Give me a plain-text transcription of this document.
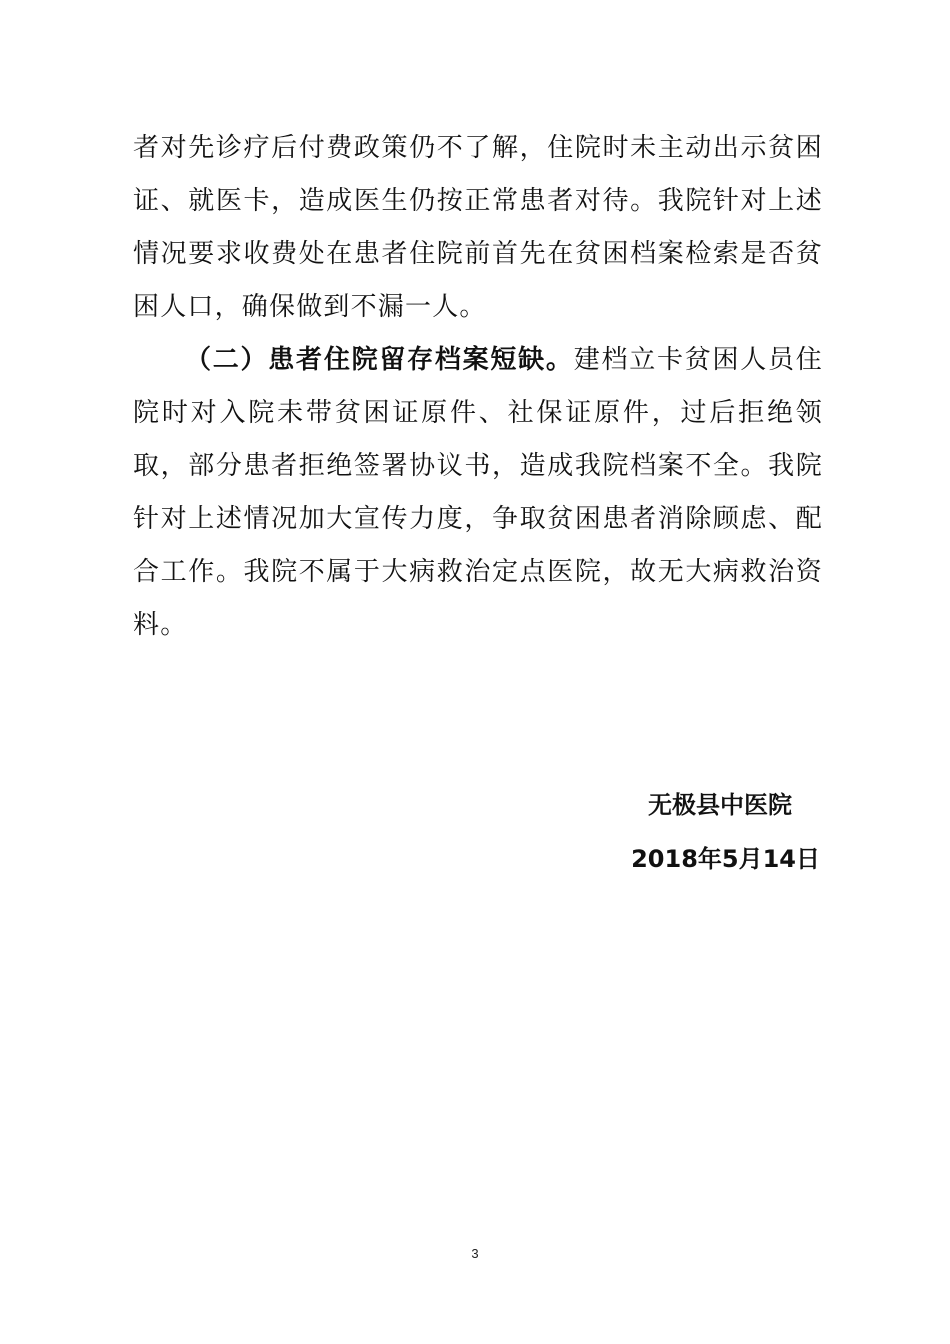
者对先诊疗后付费政策仍不了解，住院时未主动出示贫困证、就医卡，造成医生仍按正常患者对待。我院针对上述情况要求收费处在患者住院前首先在贫困档案检索是否贫困人口，确保做到不漏一人。

（二）患者住院留存档案短缺。建档立卡贫困人员住院时对入院未带贫困证原件、社保证原件，过后拒绝领取，部分患者拒绝签署协议书，造成我院档案不全。我院针对上述情况加大宣传力度，争取贫困患者消除顾虑、配合工作。我院不属于大病救治定点医院，故无大病救治资料。

无极县中医院
2018年5月14日
3
